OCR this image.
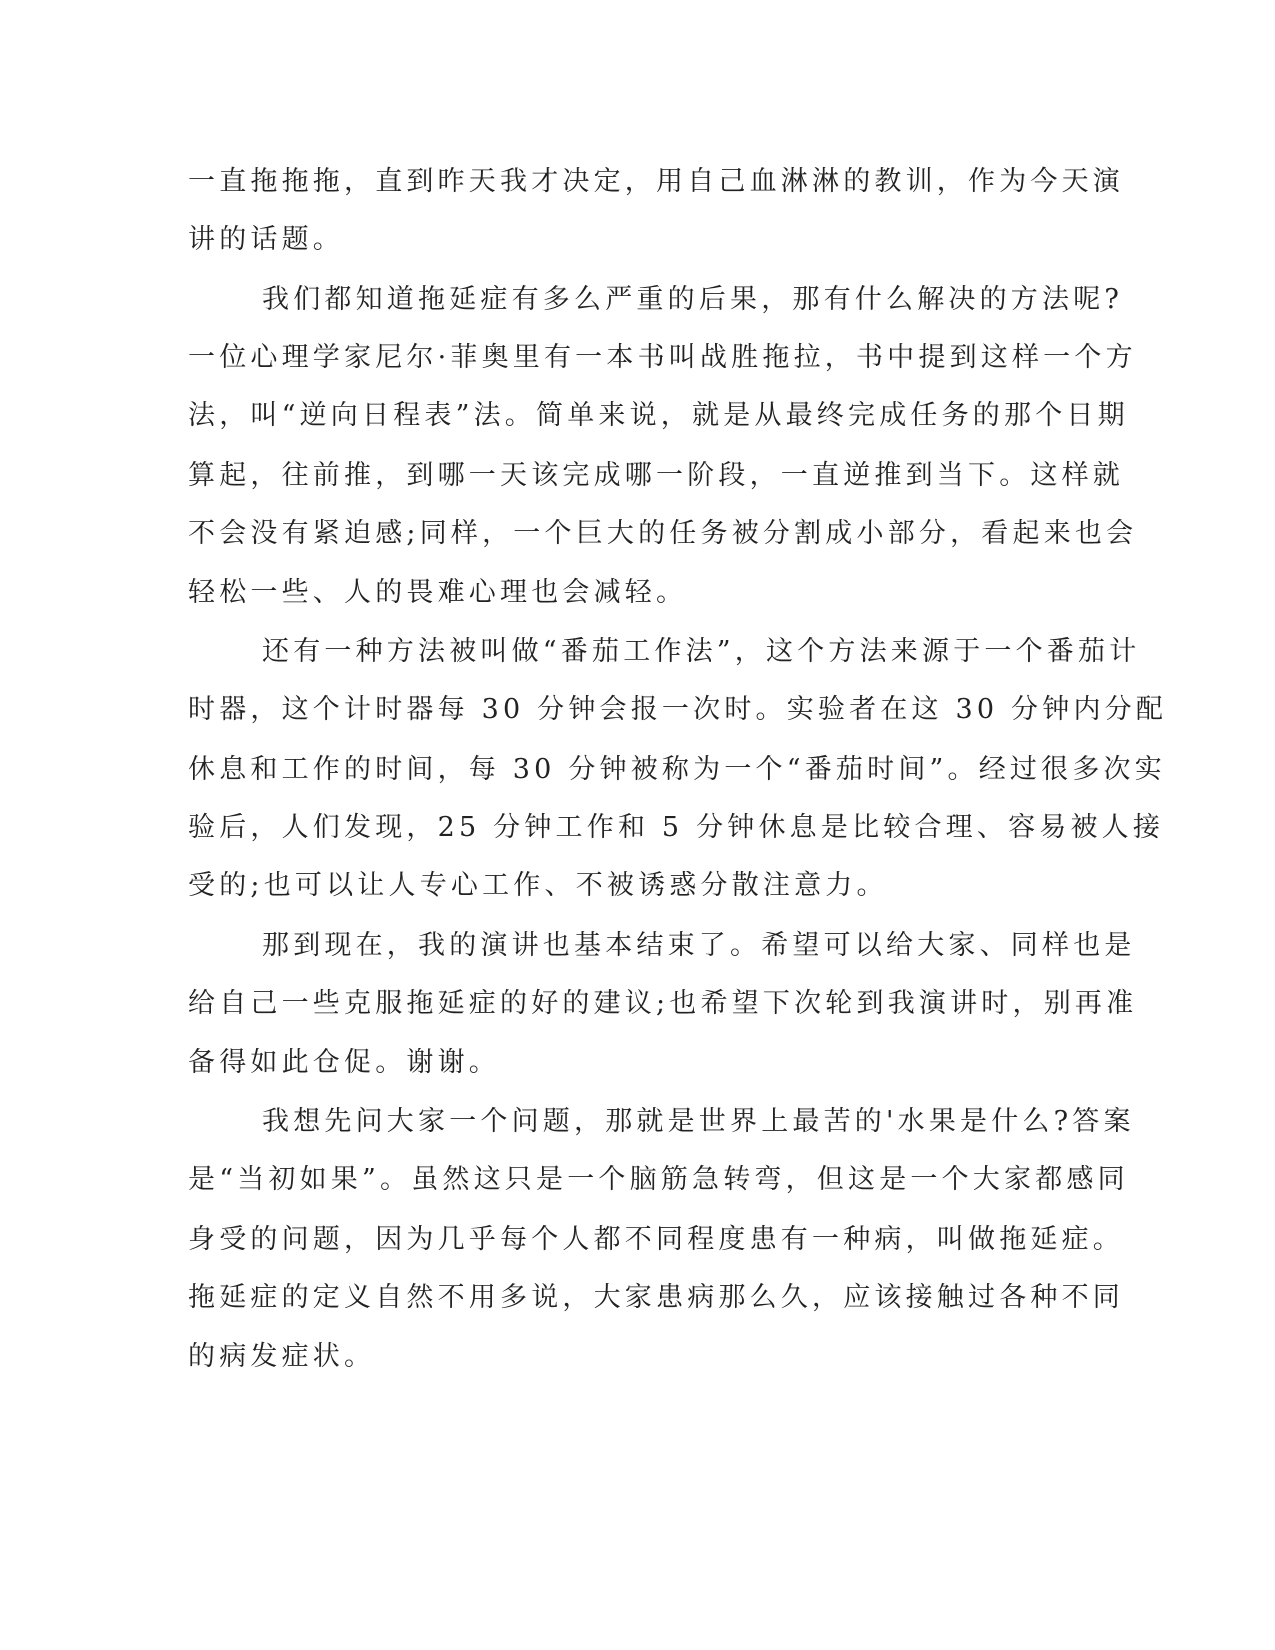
一直拖拖拖，直到昨天我才决定，用自己血淋淋的教训，作为今天演
讲的话题。
我们都知道拖延症有多么严重的后果，那有什么解决的方法呢?
一位心理学家尼尔·菲奥里有一本书叫战胜拖拉，书中提到这样一个方
法，叫“逆向日程表”法。简单来说，就是从最终完成任务的那个日期
算起，往前推，到哪一天该完成哪一阶段，一直逆推到当下。这样就
不会没有紧迫感;同样，一个巨大的任务被分割成小部分，看起来也会
轻松一些、人的畏难心理也会减轻。
还有一种方法被叫做“番茄工作法”，这个方法来源于一个番茄计
时器，这个计时器每 30 分钟会报一次时。实验者在这 30 分钟内分配
休息和工作的时间，每 30 分钟被称为一个“番茄时间”。经过很多次实
验后，人们发现，25 分钟工作和 5 分钟休息是比较合理、容易被人接
受的;也可以让人专心工作、不被诱惑分散注意力。
那到现在，我的演讲也基本结束了。希望可以给大家、同样也是
给自己一些克服拖延症的好的建议;也希望下次轮到我演讲时，别再准
备得如此仓促。谢谢。
我想先问大家一个问题，那就是世界上最苦的'水果是什么?答案
是“当初如果”。虽然这只是一个脑筋急转弯，但这是一个大家都感同
身受的问题，因为几乎每个人都不同程度患有一种病，叫做拖延症。
拖延症的定义自然不用多说，大家患病那么久，应该接触过各种不同
的病发症状。
